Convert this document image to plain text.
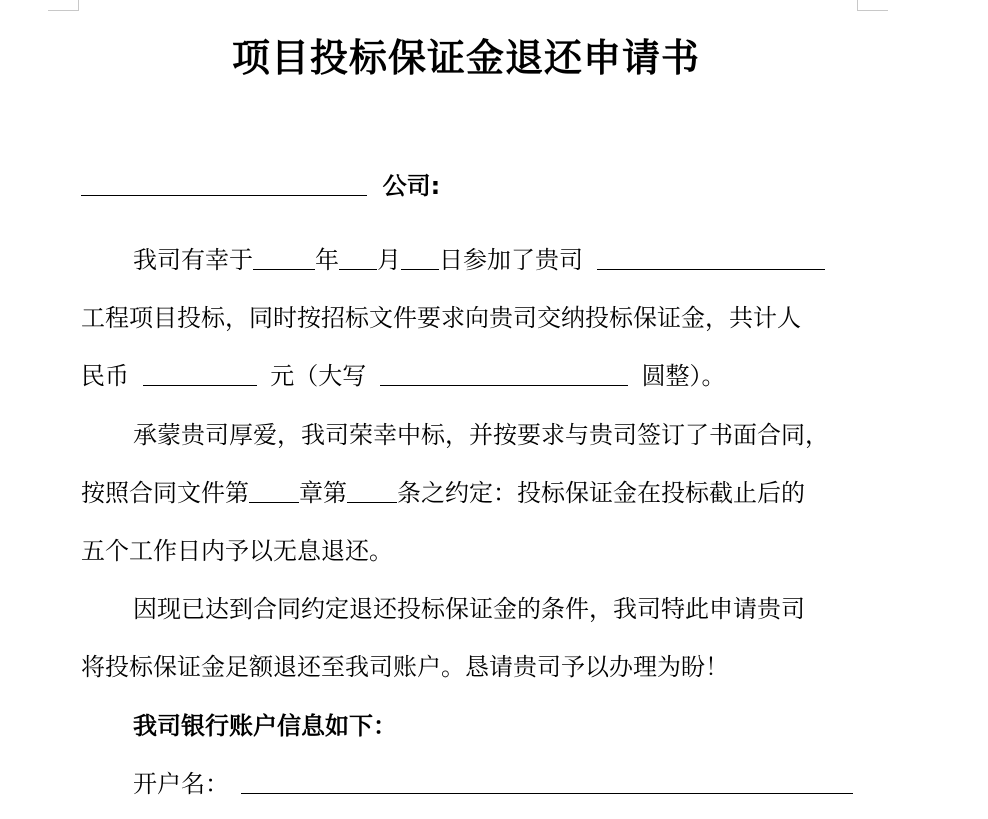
项目投标保证金退还申请书
公司:
我司有幸于	年 月 日参加了贵司
工程项目投标，同时按招标文件要求向贵司交纳投标保证金，共计人
民币	元（大写	圆整）。
承蒙贵司厚爱，我司荣幸中标，并按要求与贵司签订了书面合同，
按照合同文件第 章第 条之约定：投标保证金在投标截止后的
五个工作日内予以无息退还。
因现已达到合同约定退还投标保证金的条件，我司特此申请贵司
将投标保证金足额退还至我司账户。恳请贵司予以办理为盼！
我司银行账户信息如下：
开户名：
